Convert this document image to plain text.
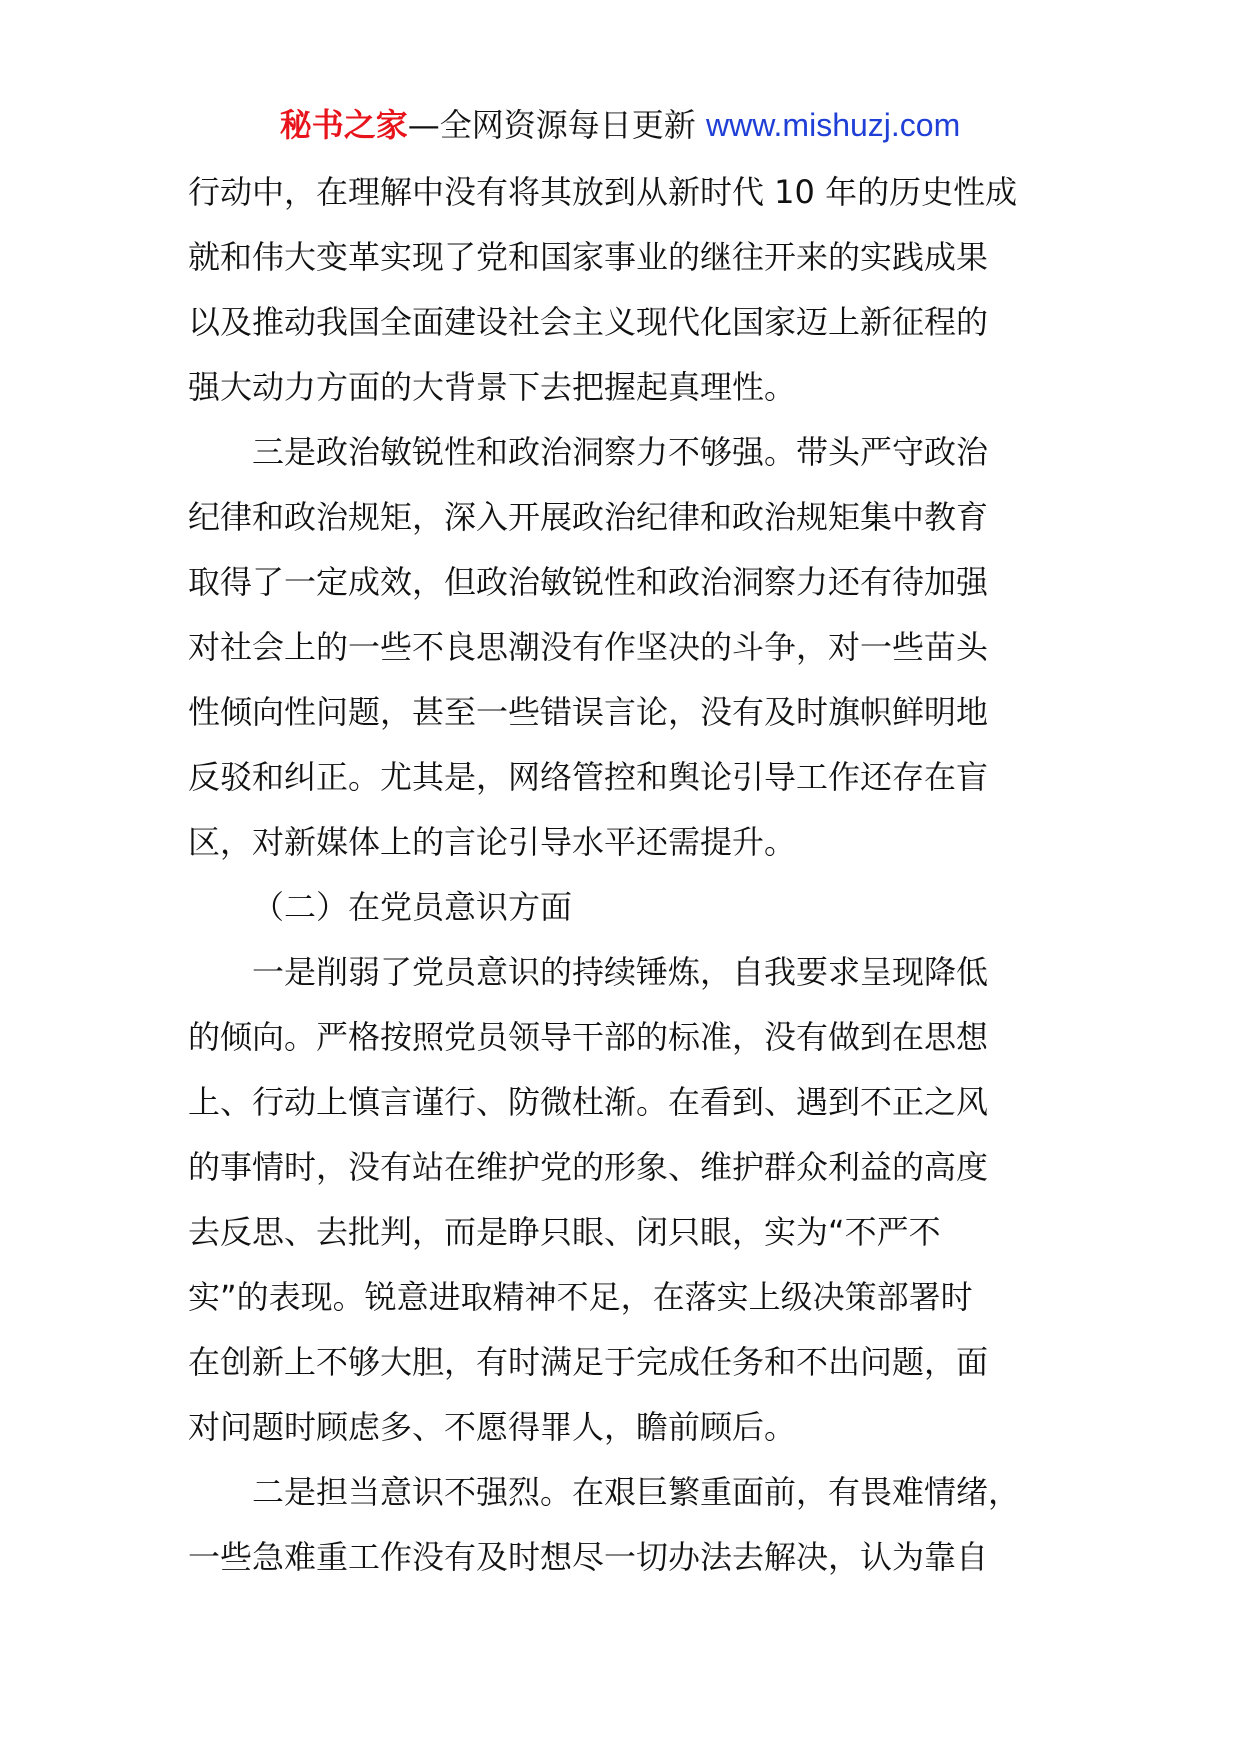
秘书之家—全网资源每日更新 www.mishuzj.com
行动中，在理解中没有将其放到从新时代 10 年的历史性成
就和伟大变革实现了党和国家事业的继往开来的实践成果
以及推动我国全面建设社会主义现代化国家迈上新征程的
强大动力方面的大背景下去把握起真理性。
三是政治敏锐性和政治洞察力不够强。带头严守政治
纪律和政治规矩，深入开展政治纪律和政治规矩集中教育
取得了一定成效，但政治敏锐性和政治洞察力还有待加强
对社会上的一些不良思潮没有作坚决的斗争，对一些苗头
性倾向性问题，甚至一些错误言论，没有及时旗帜鲜明地
反驳和纠正。尤其是，网络管控和舆论引导工作还存在盲
区，对新媒体上的言论引导水平还需提升。
（二）在党员意识方面
一是削弱了党员意识的持续锤炼，自我要求呈现降低
的倾向。严格按照党员领导干部的标准，没有做到在思想
上、行动上慎言谨行、防微杜渐。在看到、遇到不正之风
的事情时，没有站在维护党的形象、维护群众利益的高度
去反思、去批判，而是睁只眼、闭只眼，实为“不严不
实”的表现。锐意进取精神不足，在落实上级决策部署时
在创新上不够大胆，有时满足于完成任务和不出问题，面
对问题时顾虑多、不愿得罪人，瞻前顾后。
二是担当意识不强烈。在艰巨繁重面前，有畏难情绪，
一些急难重工作没有及时想尽一切办法去解决，认为靠自
